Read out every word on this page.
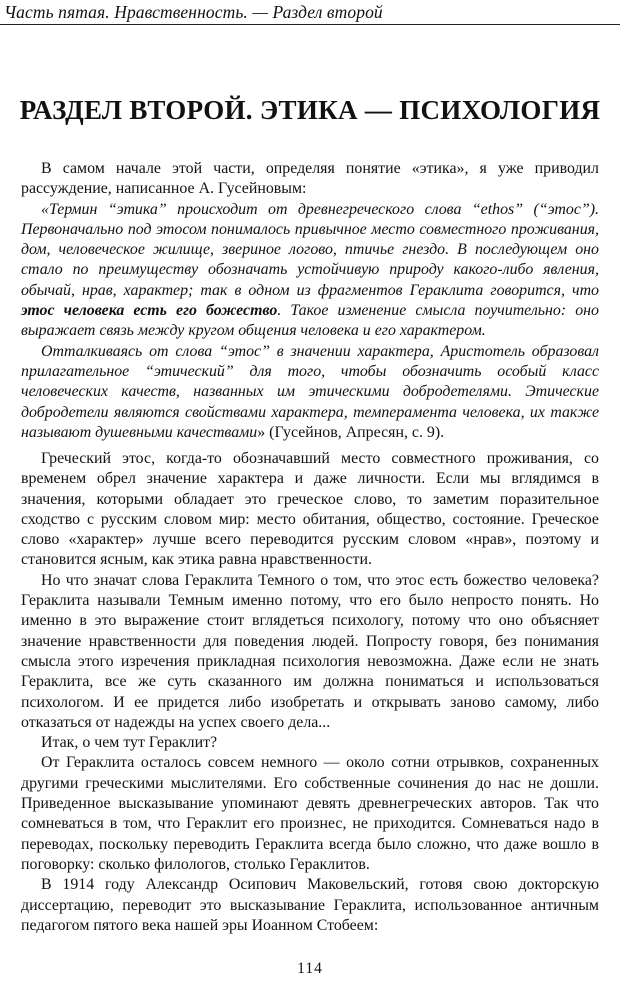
Часть пятая. Нравственность. — Раздел второй
РАЗДЕЛ ВТОРОЙ. ЭТИКА — ПСИХОЛОГИЯ

В самом начале этой части, определяя понятие «этика», я уже приводил рассуждение, написанное А. Гусейновым:

«Термин “этика” происходит от древнегреческого слова “ethos” (“этос”). Первоначально под этосом понималось привычное место совместного проживания, дом, человеческое жилище, звериное логово, птичье гнездо. В последующем оно стало по преимуществу обозначать устойчивую природу какого-либо явления, обычай, нрав, характер; так в одном из фрагментов Гераклита говорится, что этос человека есть его божество. Такое изменение смысла поучительно: оно выражает связь между кругом общения человека и его характером.

Отталкиваясь от слова “этос” в значении характера, Аристотель образовал прилагательное “этический” для того, чтобы обозначить особый класс человеческих качеств, названных им этическими добродетелями. Этические добродетели являются свойствами характера, темперамента человека, их также называют душевными качествами» (Гусейнов, Апресян, с. 9).

Греческий этос, когда-то обозначавший место совместного проживания, со временем обрел значение характера и даже личности. Если мы вглядимся в значения, которыми обладает это греческое слово, то заметим поразительное сходство с русским словом мир: место обитания, общество, состояние. Греческое слово «характер» лучше всего переводится русским словом «нрав», поэтому и становится ясным, как этика равна нравственности.

Но что значат слова Гераклита Темного о том, что этос есть божество человека? Гераклита называли Темным именно потому, что его было непросто понять. Но именно в это выражение стоит вглядеться психологу, потому что оно объясняет значение нравственности для поведения людей. Попросту говоря, без понимания смысла этого изречения прикладная психология невозможна. Даже если не знать Гераклита, все же суть сказанного им должна пониматься и использоваться психологом. И ее придется либо изобретать и открывать заново самому, либо отказаться от надежды на успех своего дела...

Итак, о чем тут Гераклит?

От Гераклита осталось совсем немного — около сотни отрывков, сохраненных другими греческими мыслителями. Его собственные сочинения до нас не дошли. Приведенное высказывание упоминают девять древнегреческих авторов. Так что сомневаться в том, что Гераклит его произнес, не приходится. Сомневаться надо в переводах, поскольку переводить Гераклита всегда было сложно, что даже вошло в поговорку: сколько филологов, столько Гераклитов.

В 1914 году Александр Осипович Маковельский, готовя свою докторскую диссертацию, переводит это высказывание Гераклита, использованное античным педагогом пятого века нашей эры Иоанном Стобеем:

114
